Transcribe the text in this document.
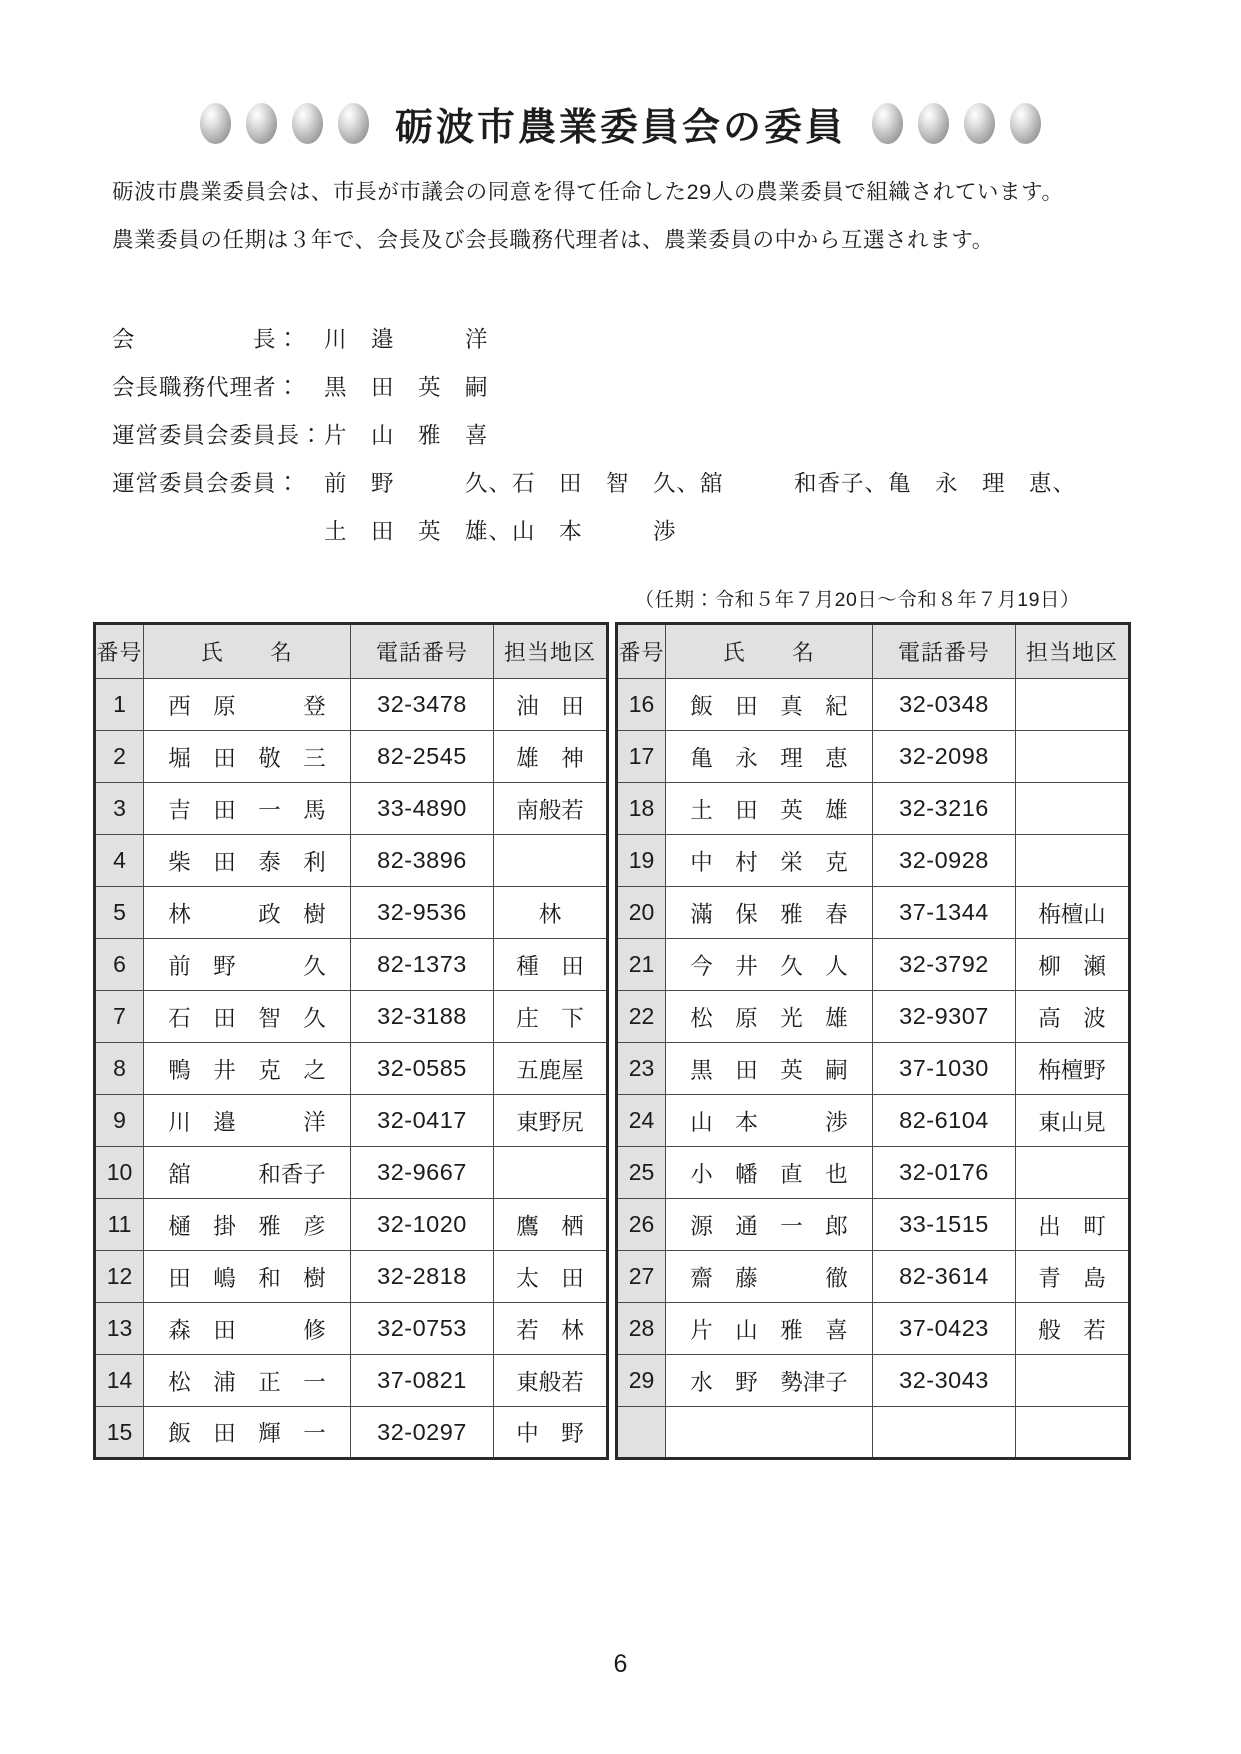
砺波市農業委員会の委員
砺波市農業委員会は、市長が市議会の同意を得て任命した29人の農業委員で組織されています。
農業委員の任期は３年で、会長及び会長職務代理者は、農業委員の中から互選されます。
会　　　　　長：	川　邉　　　洋
会長職務代理者：	黒　田　英　嗣
運営委員会委員長： 片　山　雅　喜
運営委員会委員：	前　野　　　久、石　田　智　久、舘　　　和香子、亀　永　理　恵、
土　田　英　雄、山　本　　　渉
（任期：令和５年７月20日～令和８年７月19日）
番号	氏　　名	電話番号	担当地区
1	西　原　　　登	32-3478	油　田
2	堀　田　敬　三	82-2545	雄　神
3	吉　田　一　馬	33-4890	南般若
4	柴　田　泰　利	82-3896	
5	林　　　政　樹	32-9536	林
6	前　野　　　久	82-1373	種　田
7	石　田　智　久	32-3188	庄　下
8	鴨　井　克　之	32-0585	五鹿屋
9	川　邉　　　洋	32-0417	東野尻
10	舘　　　和香子	32-9667	
11	樋　掛　雅　彦	32-1020	鷹　栖
12	田　嶋　和　樹	32-2818	太　田
13	森　田　　　修	32-0753	若　林
14	松　浦　正　一	37-0821	東般若
15	飯　田　輝　一	32-0297	中　野
番号	氏　　名	電話番号	担当地区
16	飯　田　真　紀	32-0348	
17	亀　永　理　恵	32-2098	
18	土　田　英　雄	32-3216	
19	中　村　栄　克	32-0928	
20	滿　保　雅　春	37-1344	栴檀山
21	今　井　久　人	32-3792	柳　瀬
22	松　原　光　雄	32-9307	高　波
23	黒　田　英　嗣	37-1030	栴檀野
24	山　本　　　渉	82-6104	東山見
25	小　幡　直　也	32-0176	
26	源　通　一　郎	33-1515	出　町
27	齋　藤　　　徹	82-3614	青　島
28	片　山　雅　喜	37-0423	般　若
29	水　野　勢津子	32-3043	

6
